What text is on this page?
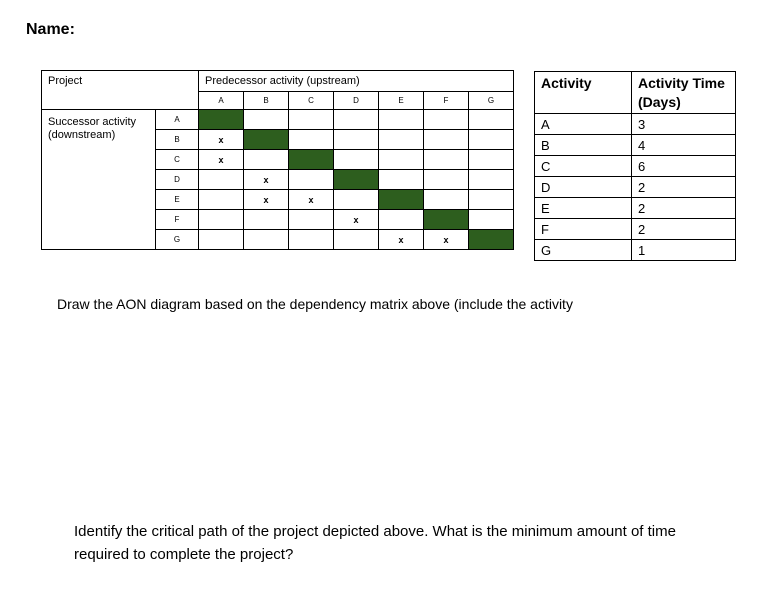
Name:
Project		Predecessor activity (upstream)						
		A	B	C	D	E	F	G
Successor activity
(downstream)	A							
	B	x						
	C	x						
	D		x					
	E		x	x				
	F				x			
	G					x	x	
Activity	Activity Time
(Days)
A	3
B	4
C	6
D	2
E	2
F	2
G	1
Draw the AON diagram based on the dependency matrix above (include the activity
Identify the critical path of the project depicted above. What is the minimum amount of time
required to complete the project?
